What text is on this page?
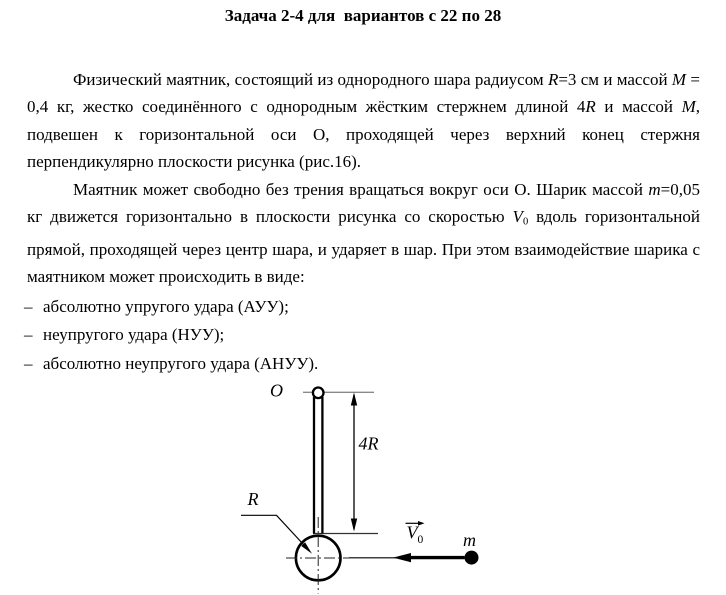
Задача 2-4 для  вариантов с 22 по 28
Физический маятник, состоящий из однородного шара радиусом R=3 см и массой M = 0,4 кг, жестко соединённого с однородным жёстким стержнем длиной 4R и массой M, подвешен к горизонтальной оси О, проходящей через верхний конец стержня перпендикулярно плоскости рисунка (рис.16).
Маятник может свободно без трения вращаться вокруг оси О. Шарик массой m=0,05 кг движется горизонтально в плоскости рисунка со скоростью $V_0$ вдоль горизонтальной прямой, проходящей через центр шара, и ударяет в шар. При этом взаимодействие шарика с маятником может происходить в виде:
– абсолютно упругого удара (АУУ);
– неупругого удара (НУУ);
– абсолютно неупругого удара (АНУУ).
O
4R
R
m
$V_0$
